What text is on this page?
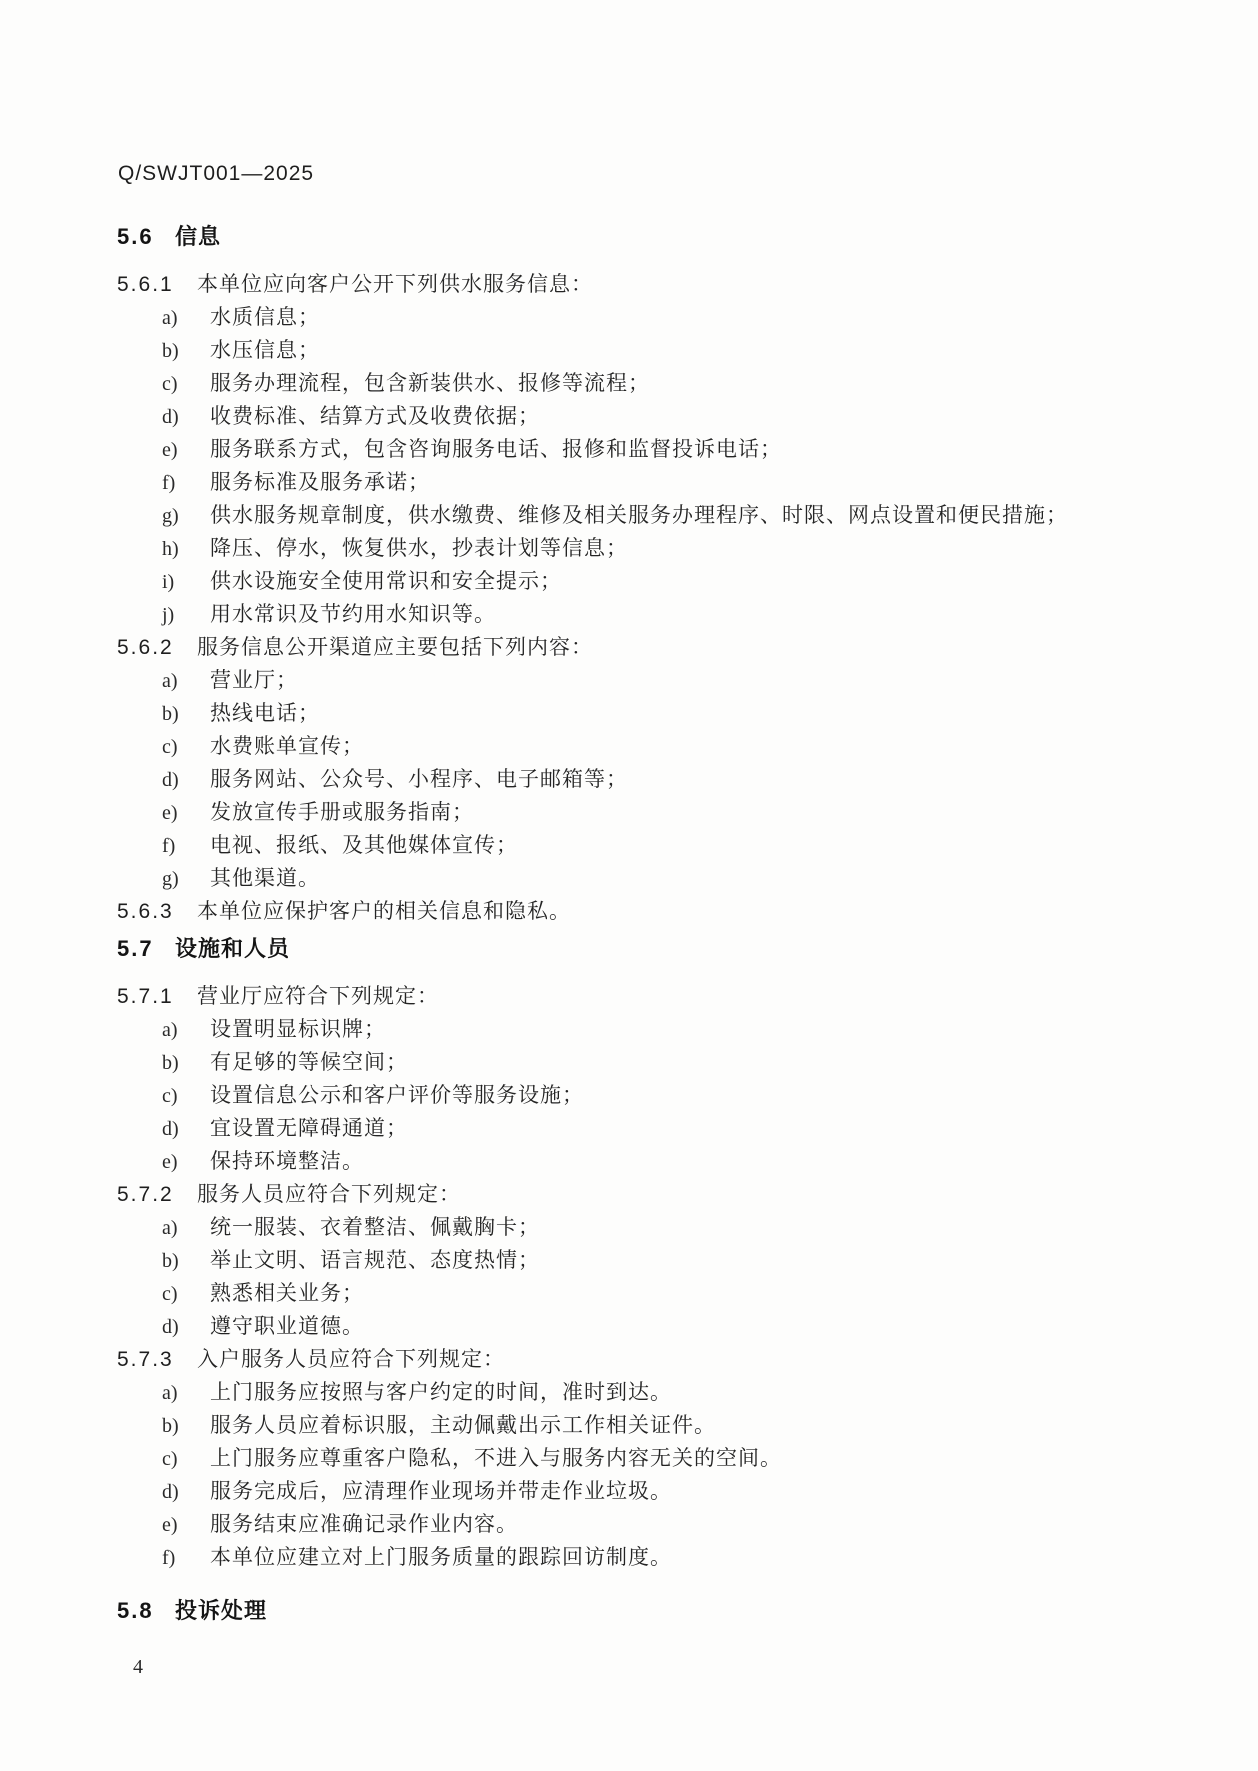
Q/SWJT001—2025
5.6 信息
5.6.1	本单位应向客户公开下列供水服务信息：
a)	水质信息；
b)	水压信息；
c)	服务办理流程，包含新装供水、报修等流程；
d)	收费标准、结算方式及收费依据；
e)	服务联系方式，包含咨询服务电话、报修和监督投诉电话；
f)	服务标准及服务承诺；
g)	供水服务规章制度，供水缴费、维修及相关服务办理程序、时限、网点设置和便民措施；
h)	降压、停水，恢复供水，抄表计划等信息；
i)	供水设施安全使用常识和安全提示；
j)	用水常识及节约用水知识等。
5.6.2	服务信息公开渠道应主要包括下列内容：
a)	营业厅；
b)	热线电话；
c)	水费账单宣传；
d)	服务网站、公众号、小程序、电子邮箱等；
e)	发放宣传手册或服务指南；
f)	电视、报纸、及其他媒体宣传；
g)	其他渠道。
5.6.3	本单位应保护客户的相关信息和隐私。
5.7 设施和人员
5.7.1	营业厅应符合下列规定：
a)	设置明显标识牌；
b)	有足够的等候空间；
c)	设置信息公示和客户评价等服务设施；
d)	宜设置无障碍通道；
e)	保持环境整洁。
5.7.2	服务人员应符合下列规定：
a)	统一服装、衣着整洁、佩戴胸卡；
b)	举止文明、语言规范、态度热情；
c)	熟悉相关业务；
d)	遵守职业道德。
5.7.3	入户服务人员应符合下列规定：
a)	上门服务应按照与客户约定的时间，准时到达。
b)	服务人员应着标识服，主动佩戴出示工作相关证件。
c)	上门服务应尊重客户隐私，不进入与服务内容无关的空间。
d)	服务完成后，应清理作业现场并带走作业垃圾。
e)	服务结束应准确记录作业内容。
f)	本单位应建立对上门服务质量的跟踪回访制度。
5.8 投诉处理
4
